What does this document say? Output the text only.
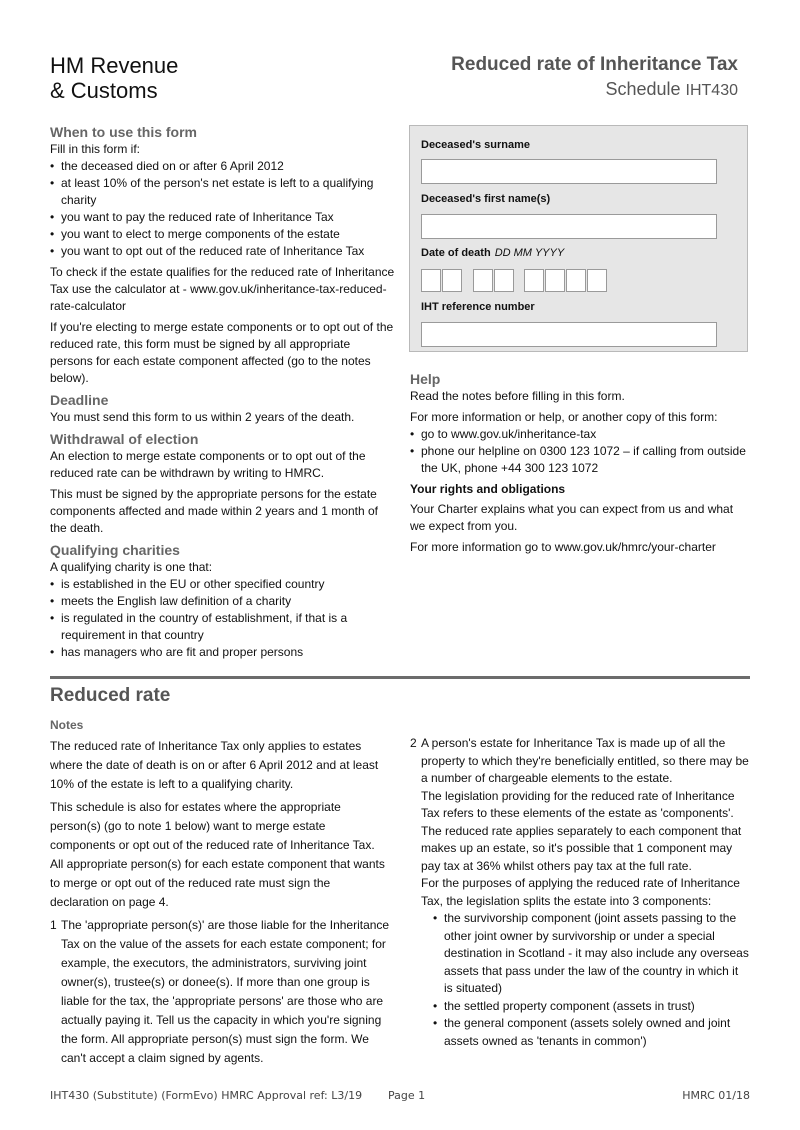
HM Revenue
& Customs
Reduced rate of Inheritance Tax
Schedule IHT430
When to use this form

Fill in this form if:

• the deceased died on or after 6 April 2012
• at least 10% of the person's net estate is left to a qualifying charity
• you want to pay the reduced rate of Inheritance Tax
• you want to elect to merge components of the estate
• you want to opt out of the reduced rate of Inheritance Tax

To check if the estate qualifies for the reduced rate of Inheritance Tax use the calculator at - www.gov.uk/inheritance-tax-reduced-rate-calculator

If you're electing to merge estate components or to opt out of the reduced rate, this form must be signed by all appropriate persons for each estate component affected (go to the notes below).

Deadline

You must send this form to us within 2 years of the death.

Withdrawal of election

An election to merge estate components or to opt out of the reduced rate can be withdrawn by writing to HMRC.

This must be signed by the appropriate persons for the estate components affected and made within 2 years and 1 month of the death.

Qualifying charities

A qualifying charity is one that:

• is established in the EU or other specified country
• meets the English law definition of a charity
• is regulated in the country of establishment, if that is a requirement in that country
• has managers who are fit and proper persons
Deceased's surname
Deceased's first name(s)
Date of death DD MM YYYY
IHT reference number
Help

Read the notes before filling in this form.

For more information or help, or another copy of this form:

• go to www.gov.uk/inheritance-tax
• phone our helpline on 0300 123 1072 – if calling from outside the UK, phone +44 300 123 1072
Your rights and obligations

Your Charter explains what you can expect from us and what we expect from you.

For more information go to www.gov.uk/hmrc/your-charter

Reduced rate
Notes

The reduced rate of Inheritance Tax only applies to estates where the date of death is on or after 6 April 2012 and at least 10% of the estate is left to a qualifying charity.

This schedule is also for estates where the appropriate person(s) (go to note 1 below) want to merge estate components or opt out of the reduced rate of Inheritance Tax. All appropriate person(s) for each estate component that wants to merge or opt out of the reduced rate must sign the declaration on page 4.

1 The 'appropriate person(s)' are those liable for the Inheritance Tax on the value of the assets for each estate component; for example, the executors, the administrators, surviving joint owner(s), trustee(s) or donee(s). If more than one group is liable for the tax, the 'appropriate persons' are those who are actually paying it. Tell us the capacity in which you're signing the form. All appropriate person(s) must sign the form. We can't accept a claim signed by agents.
2 A person's estate for Inheritance Tax is made up of all the property to which they're beneficially entitled, so there may be a number of chargeable elements to the estate.
The legislation providing for the reduced rate of Inheritance Tax refers to these elements of the estate as 'components'. The reduced rate applies separately to each component that makes up an estate, so it's possible that 1 component may pay tax at 36% whilst others pay tax at the full rate.
For the purposes of applying the reduced rate of Inheritance Tax, the legislation splits the estate into 3 components:
• the survivorship component (joint assets passing to the other joint owner by survivorship or under a special destination in Scotland - it may also include any overseas assets that pass under the law of the country in which it is situated)
• the settled property component (assets in trust)
• the general component (assets solely owned and joint assets owned as 'tenants in common')
IHT430 (Substitute) (FormEvo) HMRC Approval ref: L3/19 Page 1	HMRC 01/18
